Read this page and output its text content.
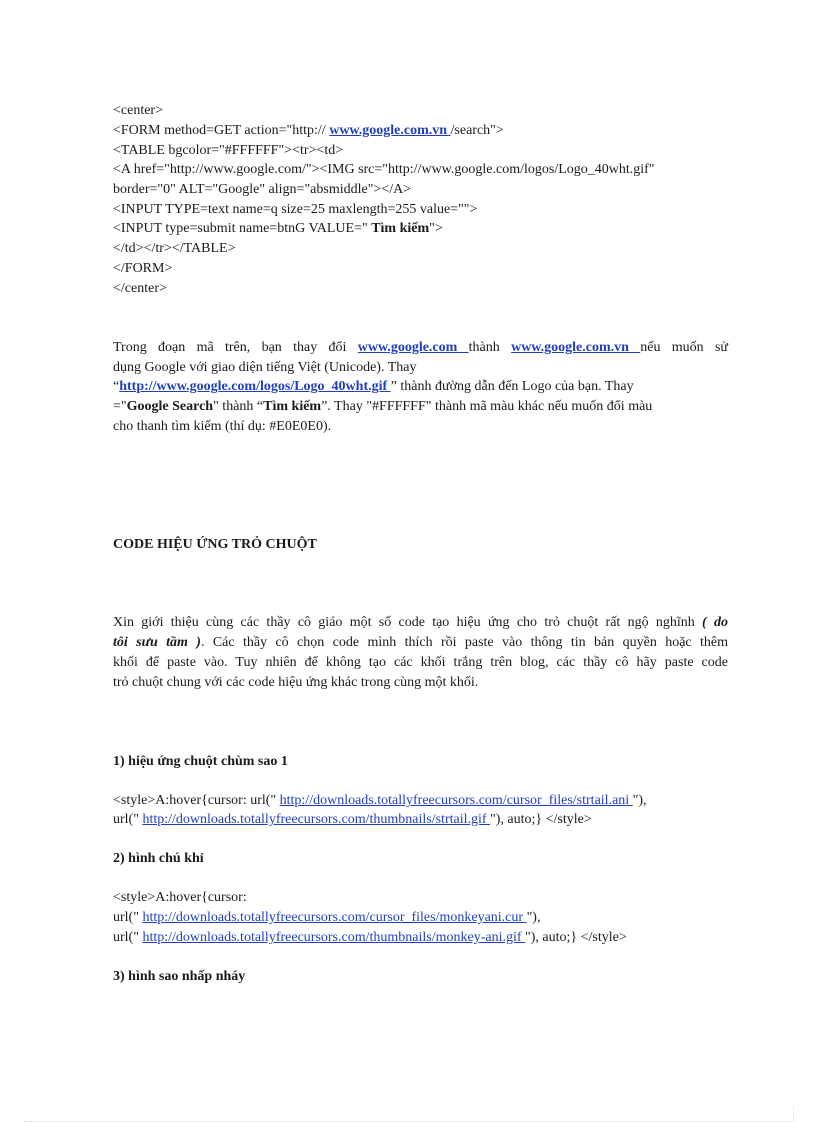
<center>
<FORM method=GET action="http:// www.google.com.vn /search">
<TABLE bgcolor="#FFFFFF"><tr><td>
<A href="http://www.google.com/"><IMG src="http://www.google.com/logos/Logo_40wht.gif"
border="0" ALT="Google" align="absmiddle"></A>
<INPUT TYPE=text name=q size=25 maxlength=255 value="">
<INPUT type=submit name=btnG VALUE=" Tìm kiếm">
</td></tr></TABLE>
</FORM>
</center>
Trong đoạn mã trên, bạn thay đổi www.google.com thành www.google.com.vn nếu muốn sử
dụng Google với giao diện tiếng Việt (Unicode). Thay
“http://www.google.com/logos/Logo_40wht.gif ” thành đường dẫn đến Logo của bạn. Thay
="Google Search" thành “Tìm kiếm”. Thay "#FFFFFF" thành mã màu khác nếu muốn đổi màu
cho thanh tìm kiếm (thí dụ: #E0E0E0).
CODE HIỆU ỨNG TRỎ CHUỘT
Xin giới thiệu cùng các thầy cô giáo một số code tạo hiệu ứng cho trỏ chuột rất ngộ nghĩnh ( do
tôi sưu tầm ). Các thầy cô chọn code mình thích rồi paste vào thông tin bản quyền hoặc thêm
khối để paste vào. Tuy nhiên để không tạo các khối trắng trên blog, các thầy cô hãy paste code
trỏ chuột chung với các code hiệu ứng khác trong cùng một khối.
1) hiệu ứng chuột chùm sao 1
<style>A:hover{cursor: url(" http://downloads.totallyfreecursors.com/cursor_files/strtail.ani "),
url(" http://downloads.totallyfreecursors.com/thumbnails/strtail.gif "), auto;} </style>
2) hình chú khỉ
<style>A:hover{cursor:
url(" http://downloads.totallyfreecursors.com/cursor_files/monkeyani.cur "),
url(" http://downloads.totallyfreecursors.com/thumbnails/monkey-ani.gif "), auto;} </style>
3) hình sao nhấp nháy
